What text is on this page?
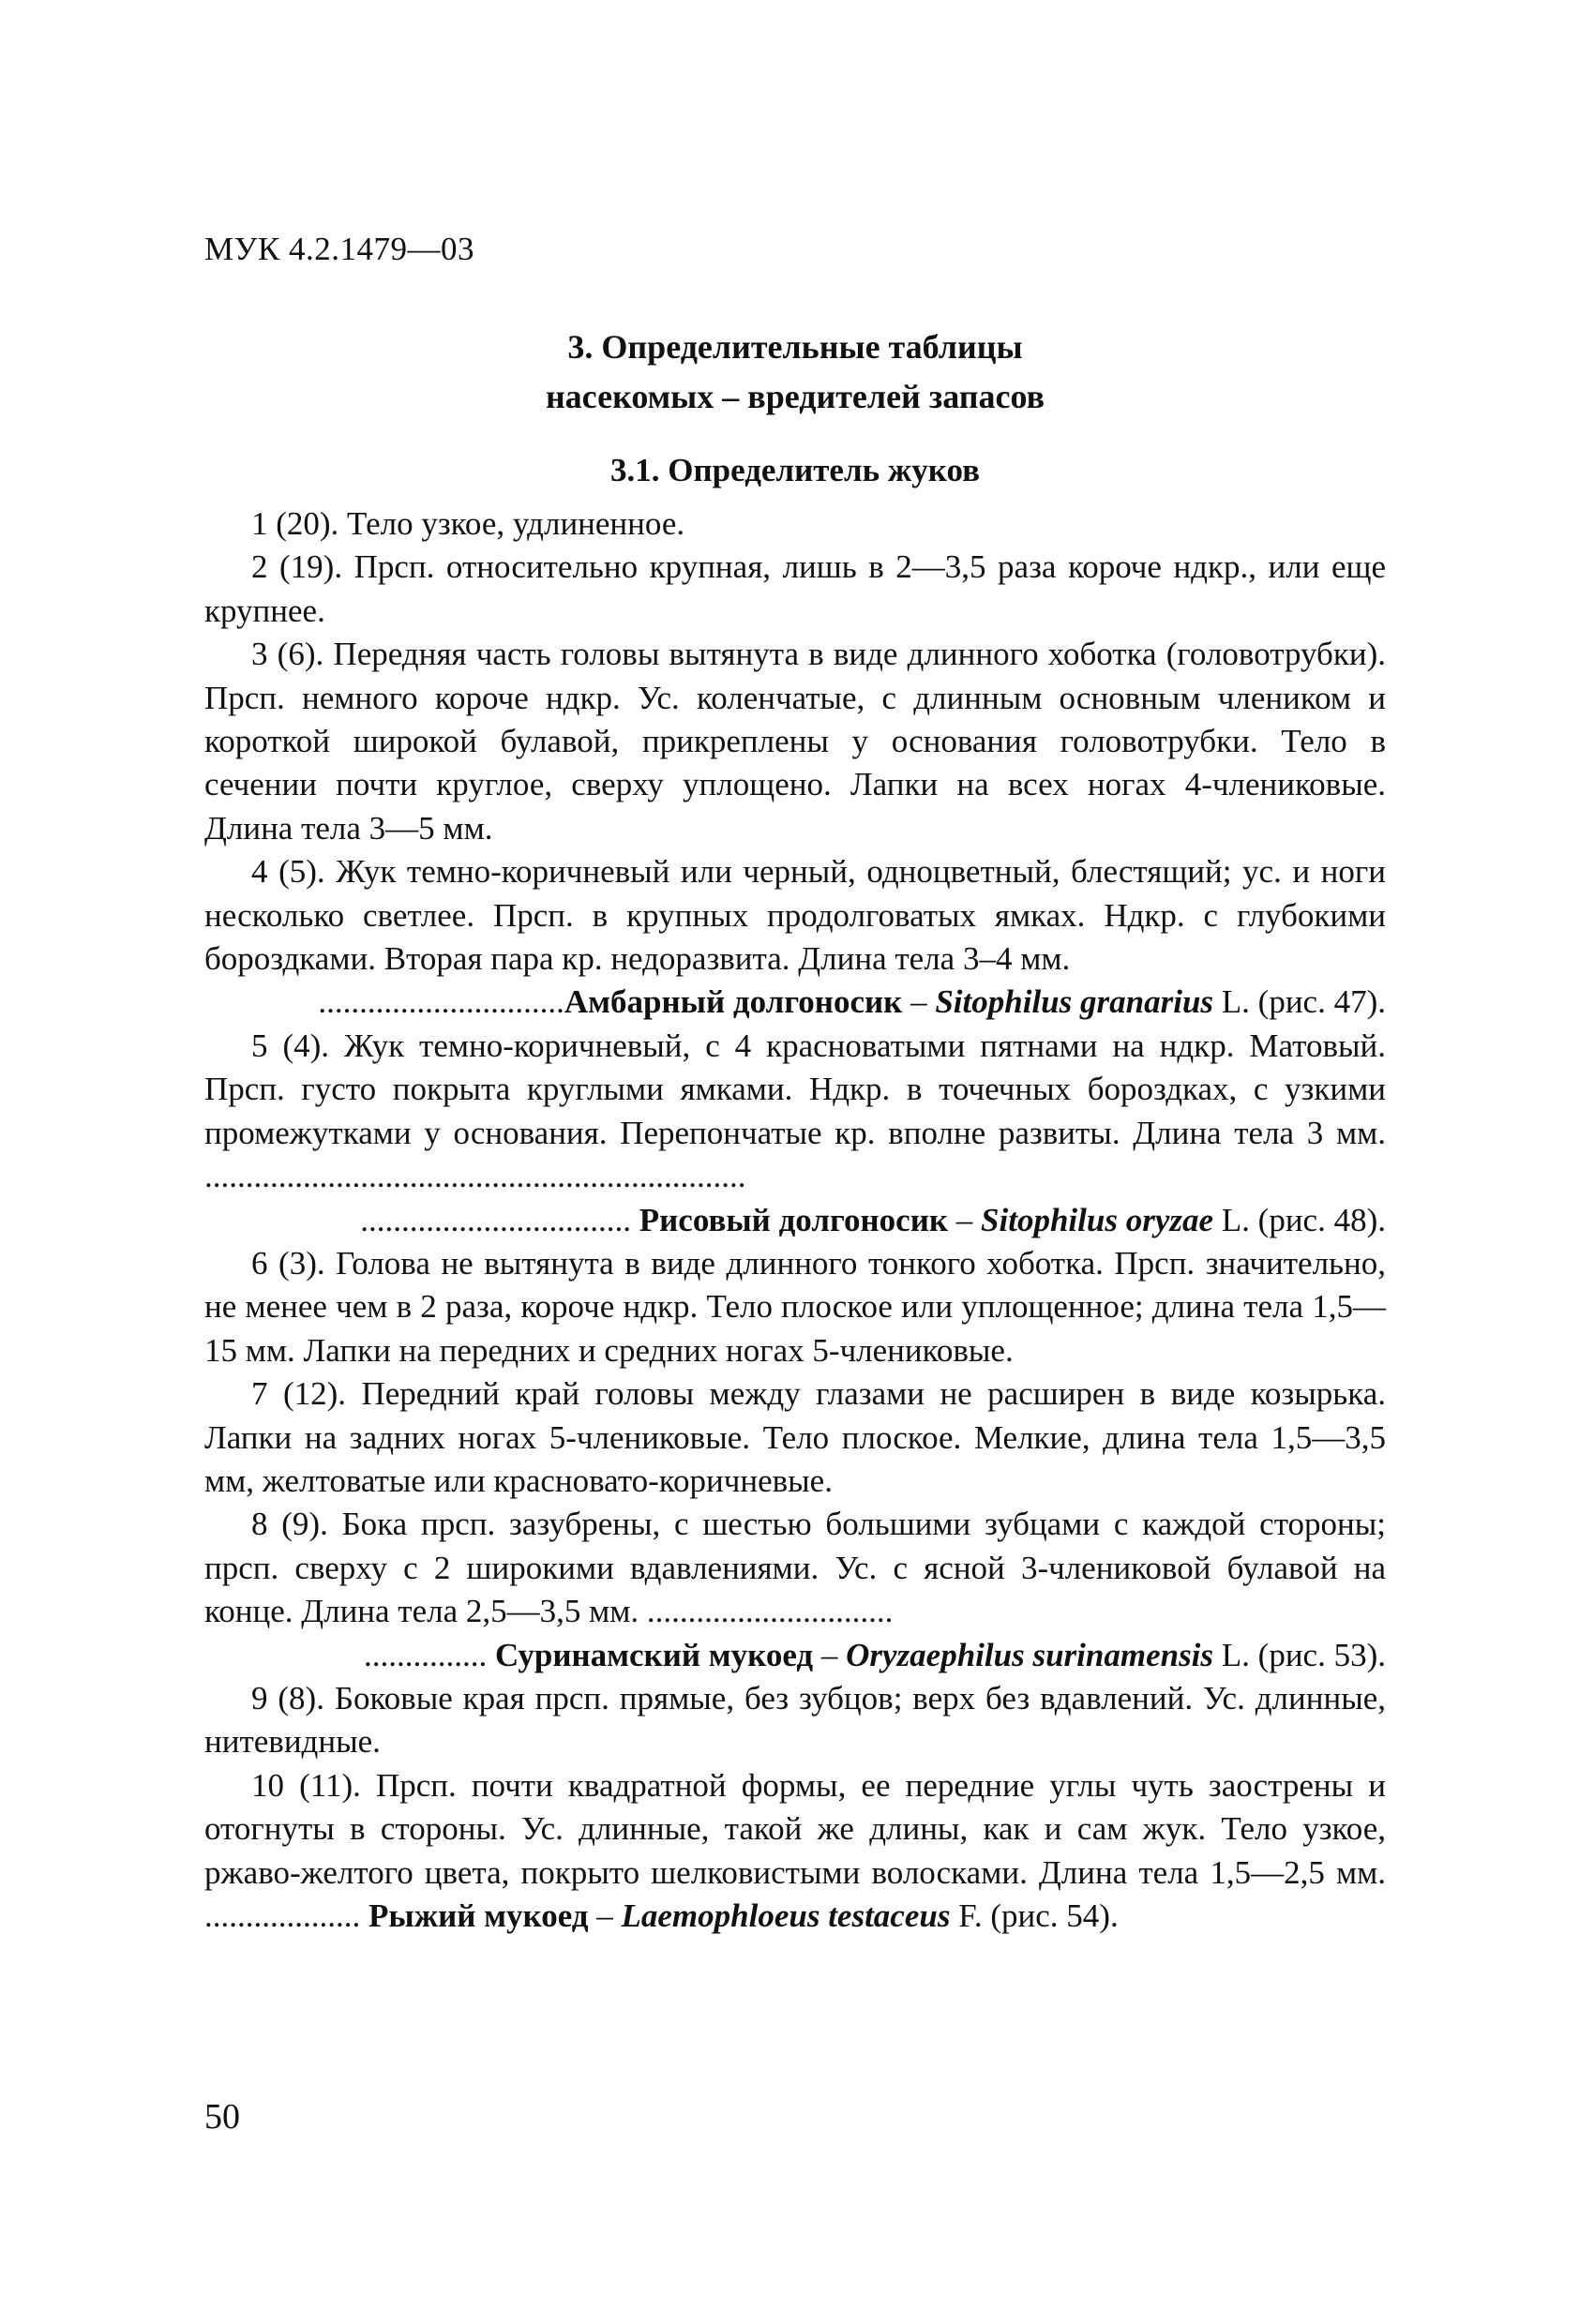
МУК 4.2.1479—03
3. Определительные таблицы
насекомых – вредителей запасов
3.1. Определитель жуков

1 (20). Тело узкое, удлиненное.

2 (19). Прсп. относительно крупная, лишь в 2—3,5 раза короче ндкр., или еще крупнее.

3 (6). Передняя часть головы вытянута в виде длинного хоботка (головотрубки). Прсп. немного короче ндкр. Ус. коленчатые, с длинным основным члеником и короткой широкой булавой, прикреплены у основания головотрубки. Тело в сечении почти круглое, сверху уплощено. Лапки на всех ногах 4-члениковые. Длина тела 3—5 мм.

4 (5). Жук темно-коричневый или черный, одноцветный, блестящий; ус. и ноги несколько светлее. Прсп. в крупных продолговатых ямках. Ндкр. с глубокими бороздками. Вторая пара кр. недоразвита. Длина тела 3–4 мм.

..............................Амбарный долгоносик – Sitophilus granarius L. (рис. 47).

5 (4). Жук темно-коричневый, с 4 красноватыми пятнами на ндкр. Матовый. Прсп. густо покрыта круглыми ямками. Ндкр. в точечных бороздках, с узкими промежутками у основания. Перепончатые кр. вполне развиты. Длина тела 3 мм. ..................................................................

................................. Рисовый долгоносик – Sitophilus oryzae L. (рис. 48).

6 (3). Голова не вытянута в виде длинного тонкого хоботка. Прсп. значительно, не менее чем в 2 раза, короче ндкр. Тело плоское или уплощенное; длина тела 1,5—15 мм. Лапки на передних и средних ногах 5-члениковые.

7 (12). Передний край головы между глазами не расширен в виде козырька. Лапки на задних ногах 5-члениковые. Тело плоское. Мелкие, длина тела 1,5—3,5 мм, желтоватые или красновато-коричневые.

8 (9). Бока прсп. зазубрены, с шестью большими зубцами с каждой стороны; прсп. сверху с 2 широкими вдавлениями. Ус. с ясной 3-члениковой булавой на конце. Длина тела 2,5—3,5 мм. ..............................

............... Суринамский мукоед – Oryzaephilus surinamensis L. (рис. 53).

9 (8). Боковые края прсп. прямые, без зубцов; верх без вдавлений. Ус. длинные, нитевидные.

10 (11). Прсп. почти квадратной формы, ее передние углы чуть заострены и отогнуты в стороны. Ус. длинные, такой же длины, как и сам жук. Тело узкое, ржаво-желтого цвета, покрыто шелковистыми волосками. Длина тела 1,5—2,5 мм. ................... Рыжий мукоед – Laemophloeus testaceus F. (рис. 54).

50
